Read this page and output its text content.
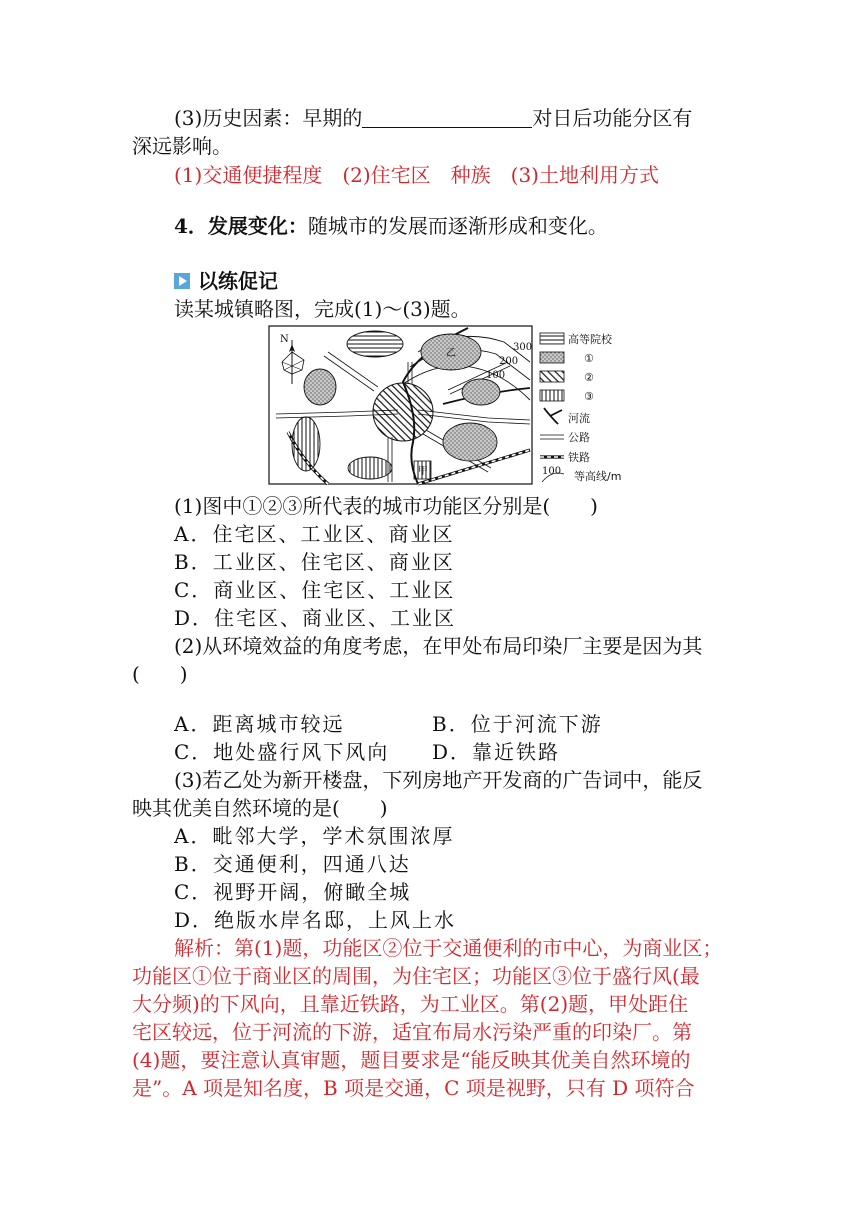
(3)历史因素：早期的	对日后功能分区有
深远影响。
(1)交通便捷程度　(2)住宅区　种族　(3)土地利用方式
4．发展变化：随城市的发展而逐渐形成和变化。
以练促记
读某城镇略图，完成(1)～(3)题。
N
乙
甲
300
200
100
高等院校
①
②
③
河流
公路
铁路
100 等高线/m
(1)图中①②③所代表的城市功能区分别是(　　)
A．住宅区、工业区、商业区
B．工业区、住宅区、商业区
C．商业区、住宅区、工业区
D．住宅区、商业区、工业区
(2)从环境效益的角度考虑，在甲处布局印染厂主要是因为其
(　　)
A．距离城市较远	B．位于河流下游
C．地处盛行风下风向 D．靠近铁路
(3)若乙处为新开楼盘，下列房地产开发商的广告词中，能反
映其优美自然环境的是(　　)
A．毗邻大学，学术氛围浓厚
B．交通便利，四通八达
C．视野开阔，俯瞰全城
D．绝版水岸名邸，上风上水
解析：第(1)题，功能区②位于交通便利的市中心，为商业区；
功能区①位于商业区的周围，为住宅区；功能区③位于盛行风(最
大分频)的下风向，且靠近铁路，为工业区。第(2)题，甲处距住
宅区较远，位于河流的下游，适宜布局水污染严重的印染厂。第
(4)题，要注意认真审题，题目要求是“能反映其优美自然环境的
是”。A 项是知名度，B 项是交通，C 项是视野，只有 D 项符合
